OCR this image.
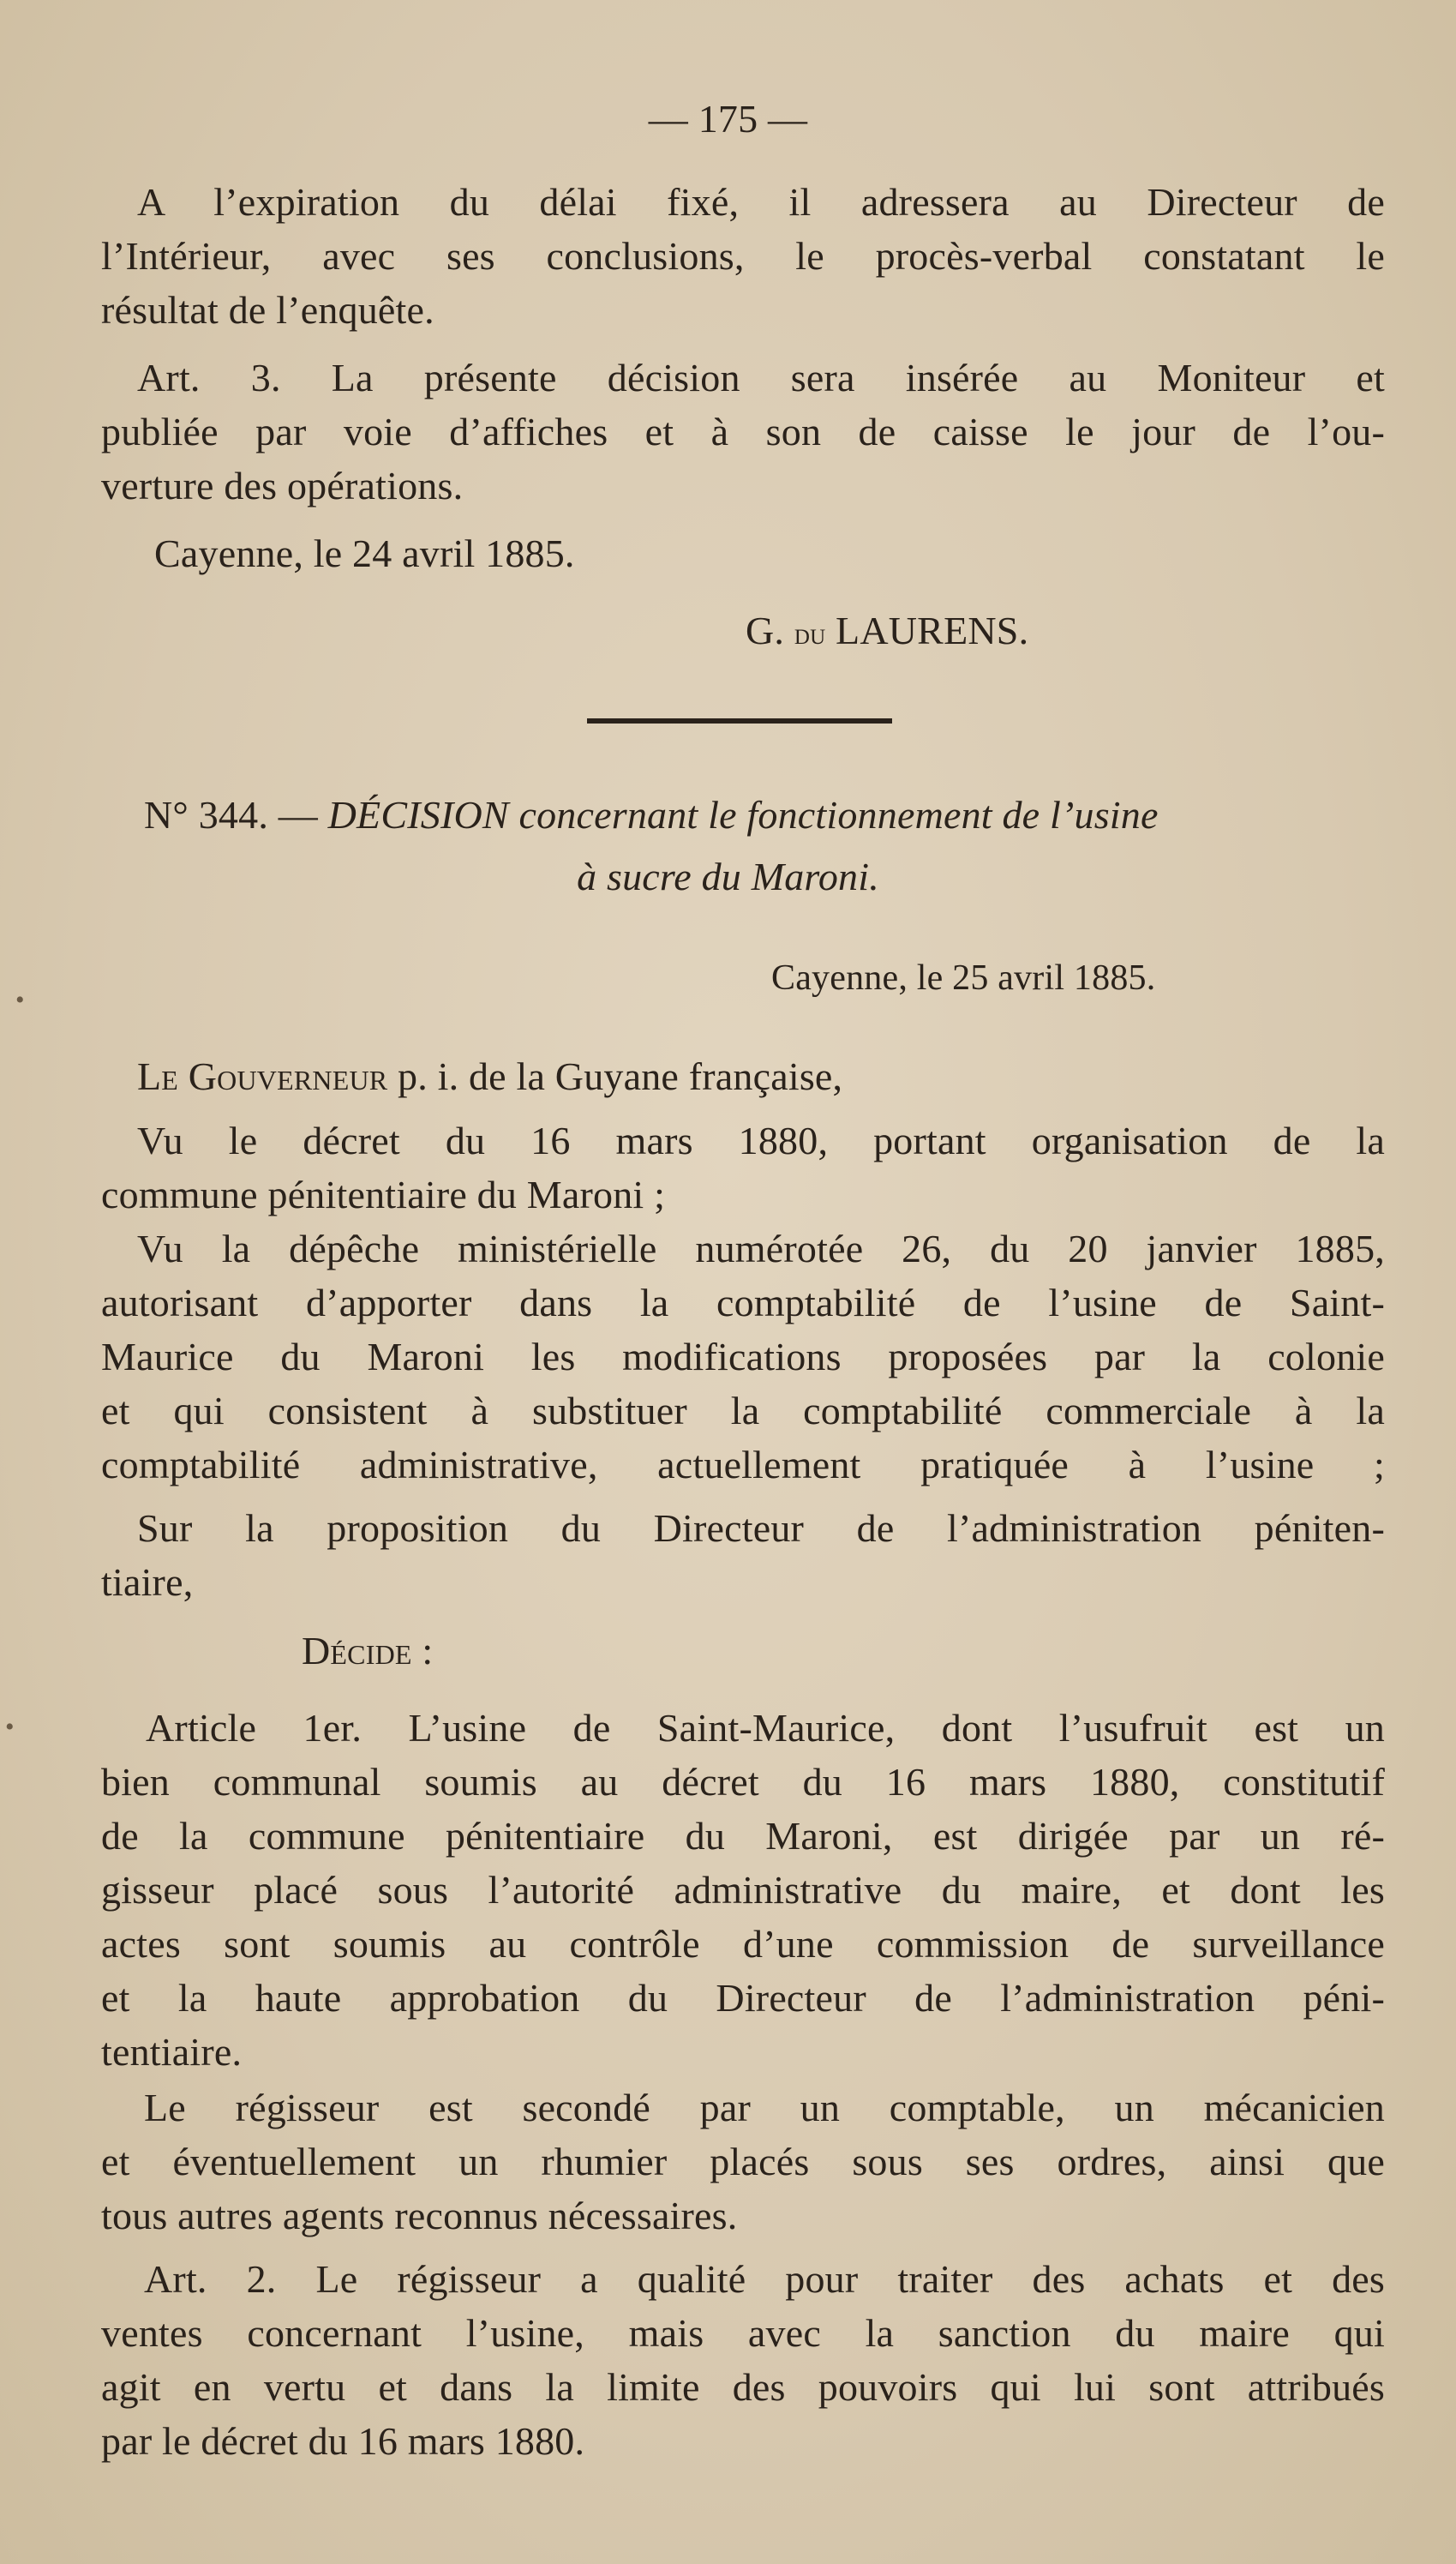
— 175 —
A l’expiration du délai fixé, il adressera au Directeur de
l’Intérieur, avec ses conclusions, le procès-verbal constatant le
résultat de l’enquête.
Art. 3. La présente décision sera insérée au Moniteur et
publiée par voie d’affiches et à son de caisse le jour de l’ou-
verture des opérations.
Cayenne, le 24 avril 1885.
G. du LAURENS.
N° 344. — DÉCISION concernant le fonctionnement de l’usine
à sucre du Maroni.
Cayenne, le 25 avril 1885.
•
Le Gouverneur p. i. de la Guyane française,
Vu le décret du 16 mars 1880, portant organisation de la
commune pénitentiaire du Maroni ;
Vu la dépêche ministérielle numérotée 26, du 20 janvier 1885,
autorisant d’apporter dans la comptabilité de l’usine de Saint-
Maurice du Maroni les modifications proposées par la colonie
et qui consistent à substituer la comptabilité commerciale à la
comptabilité administrative, actuellement pratiquée à l’usine ;
Sur la proposition du Directeur de l’administration péniten-
tiaire,
Décide :
Article 1er. L’usine de Saint-Maurice, dont l’usufruit est un
bien communal soumis au décret du 16 mars 1880, constitutif
de la commune pénitentiaire du Maroni, est dirigée par un ré-
gisseur placé sous l’autorité administrative du maire, et dont les
actes sont soumis au contrôle d’une commission de surveillance
et la haute approbation du Directeur de l’administration péni-
tentiaire.
•
Le régisseur est secondé par un comptable, un mécanicien
et éventuellement un rhumier placés sous ses ordres, ainsi que
tous autres agents reconnus nécessaires.
Art. 2. Le régisseur a qualité pour traiter des achats et des
ventes concernant l’usine, mais avec la sanction du maire qui
agit en vertu et dans la limite des pouvoirs qui lui sont attribués
par le décret du 16 mars 1880.
